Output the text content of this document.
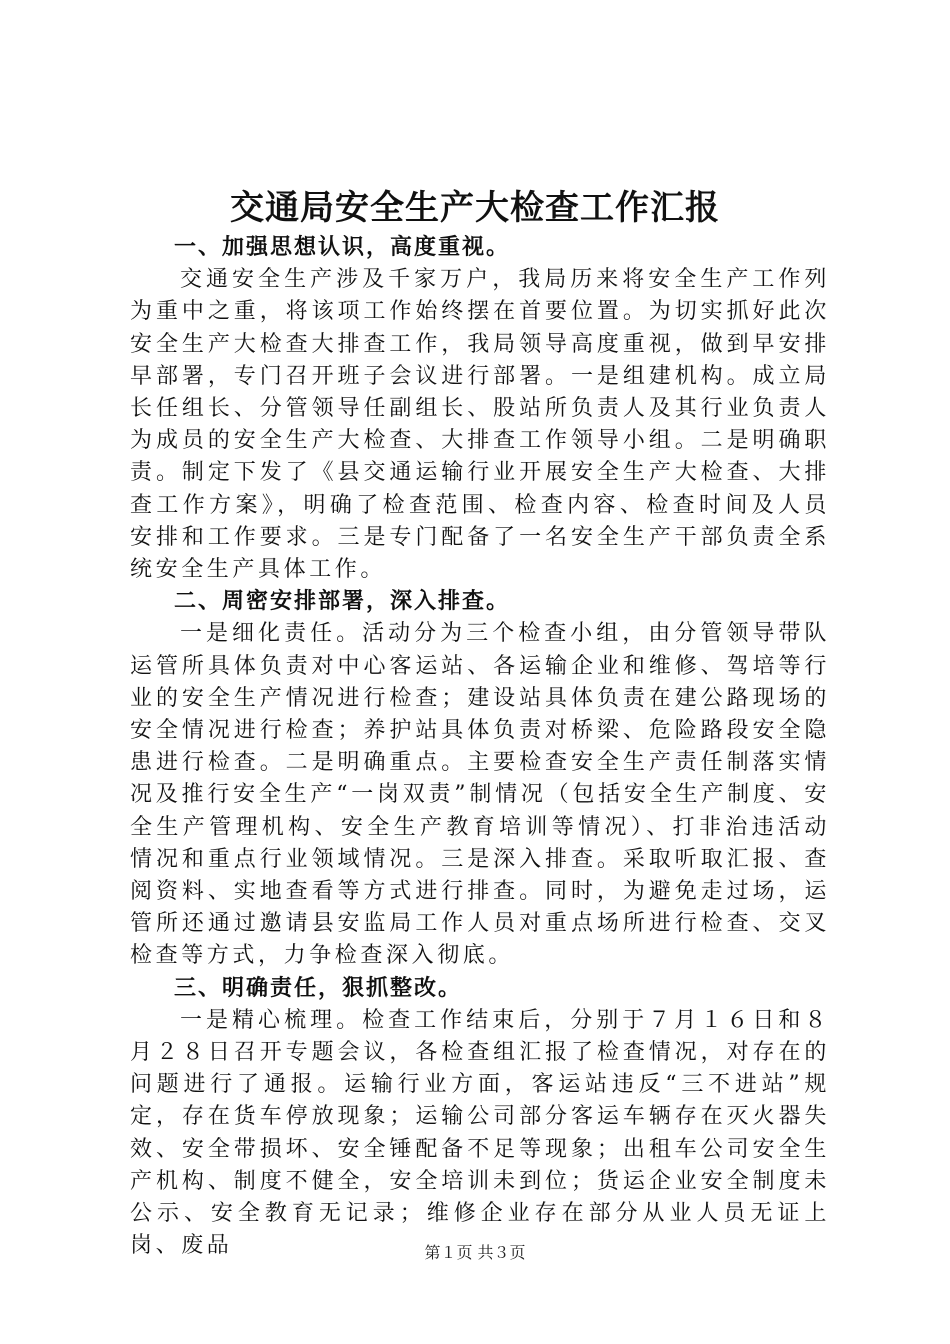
交通局安全生产大检查工作汇报

一、加强思想认识，高度重视。

交通安全生产涉及千家万户，我局历来将安全生产工作列为重中之重，将该项工作始终摆在首要位置。为切实抓好此次安全生产大检查大排查工作，我局领导高度重视，做到早安排早部署，专门召开班子会议进行部署。一是组建机构。成立局长任组长、分管领导任副组长、股站所负责人及其行业负责人为成员的安全生产大检查、大排查工作领导小组。二是明确职责。制定下发了《县交通运输行业开展安全生产大检查、大排查工作方案》，明确了检查范围、检查内容、检查时间及人员安排和工作要求。三是专门配备了一名安全生产干部负责全系统安全生产具体工作。

二、周密安排部署，深入排查。

一是细化责任。活动分为三个检查小组，由分管领导带队运管所具体负责对中心客运站、各运输企业和维修、驾培等行业的安全生产情况进行检查；建设站具体负责在建公路现场的安全情况进行检查；养护站具体负责对桥梁、危险路段安全隐患进行检查。二是明确重点。主要检查安全生产责任制落实情况及推行安全生产“一岗双责”制情况（包括安全生产制度、安全生产管理机构、安全生产教育培训等情况）、打非治违活动情况和重点行业领域情况。三是深入排查。采取听取汇报、查阅资料、实地查看等方式进行排查。同时，为避免走过场，运管所还通过邀请县安监局工作人员对重点场所进行检查、交叉检查等方式，力争检查深入彻底。

三、明确责任，狠抓整改。

一是精心梳理。检查工作结束后，分别于７月１６日和８月２８日召开专题会议，各检查组汇报了检查情况，对存在的问题进行了通报。运输行业方面，客运站违反“三不进站”规定，存在货车停放现象；运输公司部分客运车辆存在灭火器失效、安全带损坏、安全锤配备不足等现象；出租车公司安全生产机构、制度不健全，安全培训未到位；货运企业安全制度未公示、安全教育无记录；维修企业存在部分从业人员无证上岗、废品	第１页 共３页
